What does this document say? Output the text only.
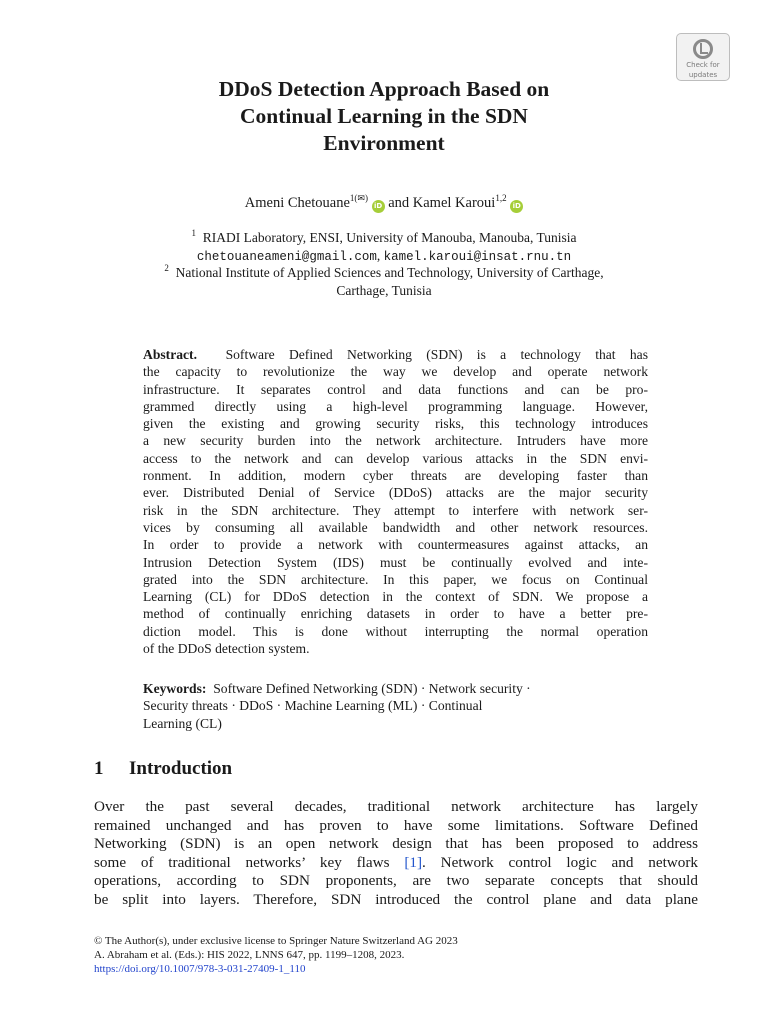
Check for
updates
DDoS Detection Approach Based on
Continual Learning in the SDN
Environment
Ameni Chetouane$^{1(✉)}$ iD and Kamel Karoui$^{1,2}$ iD
$^1$ RIADI Laboratory, ENSI, University of Manouba, Manouba, Tunisia
chetouaneameni@gmail.com, kamel.karoui@insat.rnu.tn
$^2$ National Institute of Applied Sciences and Technology, University of Carthage,
Carthage, Tunisia
Abstract. Software Defined Networking (SDN) is a technology that has
the capacity to revolutionize the way we develop and operate network
infrastructure. It separates control and data functions and can be pro-
grammed directly using a high-level programming language. However,
given the existing and growing security risks, this technology introduces
a new security burden into the network architecture. Intruders have more
access to the network and can develop various attacks in the SDN envi-
ronment. In addition, modern cyber threats are developing faster than
ever. Distributed Denial of Service (DDoS) attacks are the major security
risk in the SDN architecture. They attempt to interfere with network ser-
vices by consuming all available bandwidth and other network resources.
In order to provide a network with countermeasures against attacks, an
Intrusion Detection System (IDS) must be continually evolved and inte-
grated into the SDN architecture. In this paper, we focus on Continual
Learning (CL) for DDoS detection in the context of SDN. We propose a
method of continually enriching datasets in order to have a better pre-
diction model. This is done without interrupting the normal operation
of the DDoS detection system.
Keywords: Software Defined Networking (SDN) · Network security ·
Security threats · DDoS · Machine Learning (ML) · Continual
Learning (CL)
1 Introduction
Over the past several decades, traditional network architecture has largely
remained unchanged and has proven to have some limitations. Software Defined
Networking (SDN) is an open network design that has been proposed to address
some of traditional networks’ key flaws [1]. Network control logic and network
operations, according to SDN proponents, are two separate concepts that should
be split into layers. Therefore, SDN introduced the control plane and data plane
© The Author(s), under exclusive license to Springer Nature Switzerland AG 2023
A. Abraham et al. (Eds.): HIS 2022, LNNS 647, pp. 1199–1208, 2023.
https://doi.org/10.1007/978-3-031-27409-1_110
